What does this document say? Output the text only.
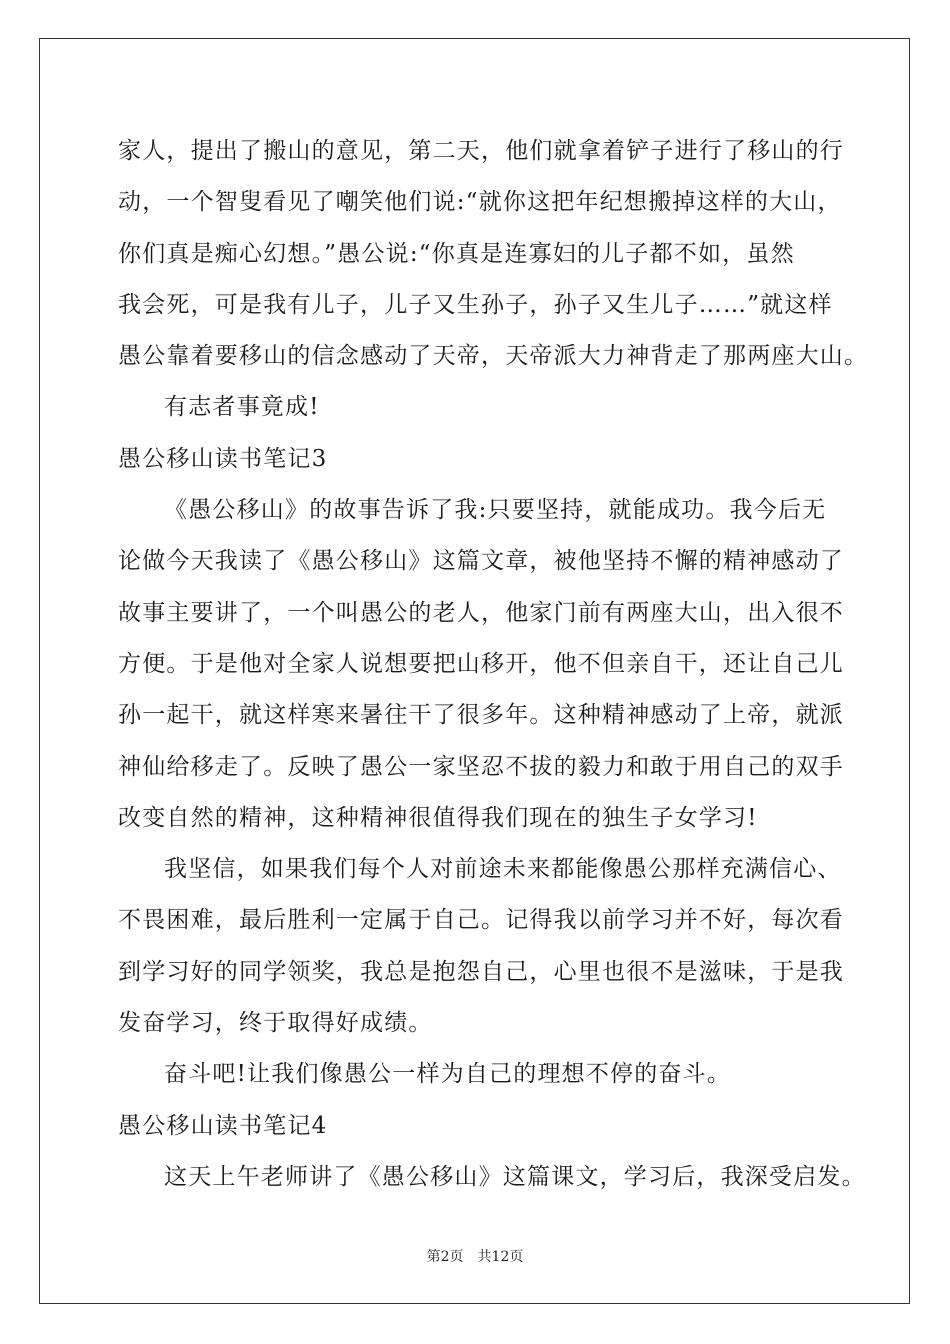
家人，提出了搬山的意见，第二天，他们就拿着铲子进行了移山的行
动，一个智叟看见了嘲笑他们说:“就你这把年纪想搬掉这样的大山，
你们真是痴心幻想。”愚公说:“你真是连寡妇的儿子都不如，虽然
我会死，可是我有儿子，儿子又生孙子，孙子又生儿子……”就这样
愚公靠着要移山的信念感动了天帝，天帝派大力神背走了那两座大山。
有志者事竟成!
愚公移山读书笔记3
《愚公移山》的故事告诉了我:只要坚持，就能成功。我今后无
论做今天我读了《愚公移山》这篇文章，被他坚持不懈的精神感动了
故事主要讲了，一个叫愚公的老人，他家门前有两座大山，出入很不
方便。于是他对全家人说想要把山移开，他不但亲自干，还让自己儿
孙一起干，就这样寒来暑往干了很多年。这种精神感动了上帝，就派
神仙给移走了。反映了愚公一家坚忍不拔的毅力和敢于用自己的双手
改变自然的精神，这种精神很值得我们现在的独生子女学习!
我坚信，如果我们每个人对前途未来都能像愚公那样充满信心、
不畏困难，最后胜利一定属于自己。记得我以前学习并不好，每次看
到学习好的同学领奖，我总是抱怨自己，心里也很不是滋味，于是我
发奋学习，终于取得好成绩。
奋斗吧!让我们像愚公一样为自己的理想不停的奋斗。
愚公移山读书笔记4
这天上午老师讲了《愚公移山》这篇课文，学习后，我深受启发。
第2页 共12页
